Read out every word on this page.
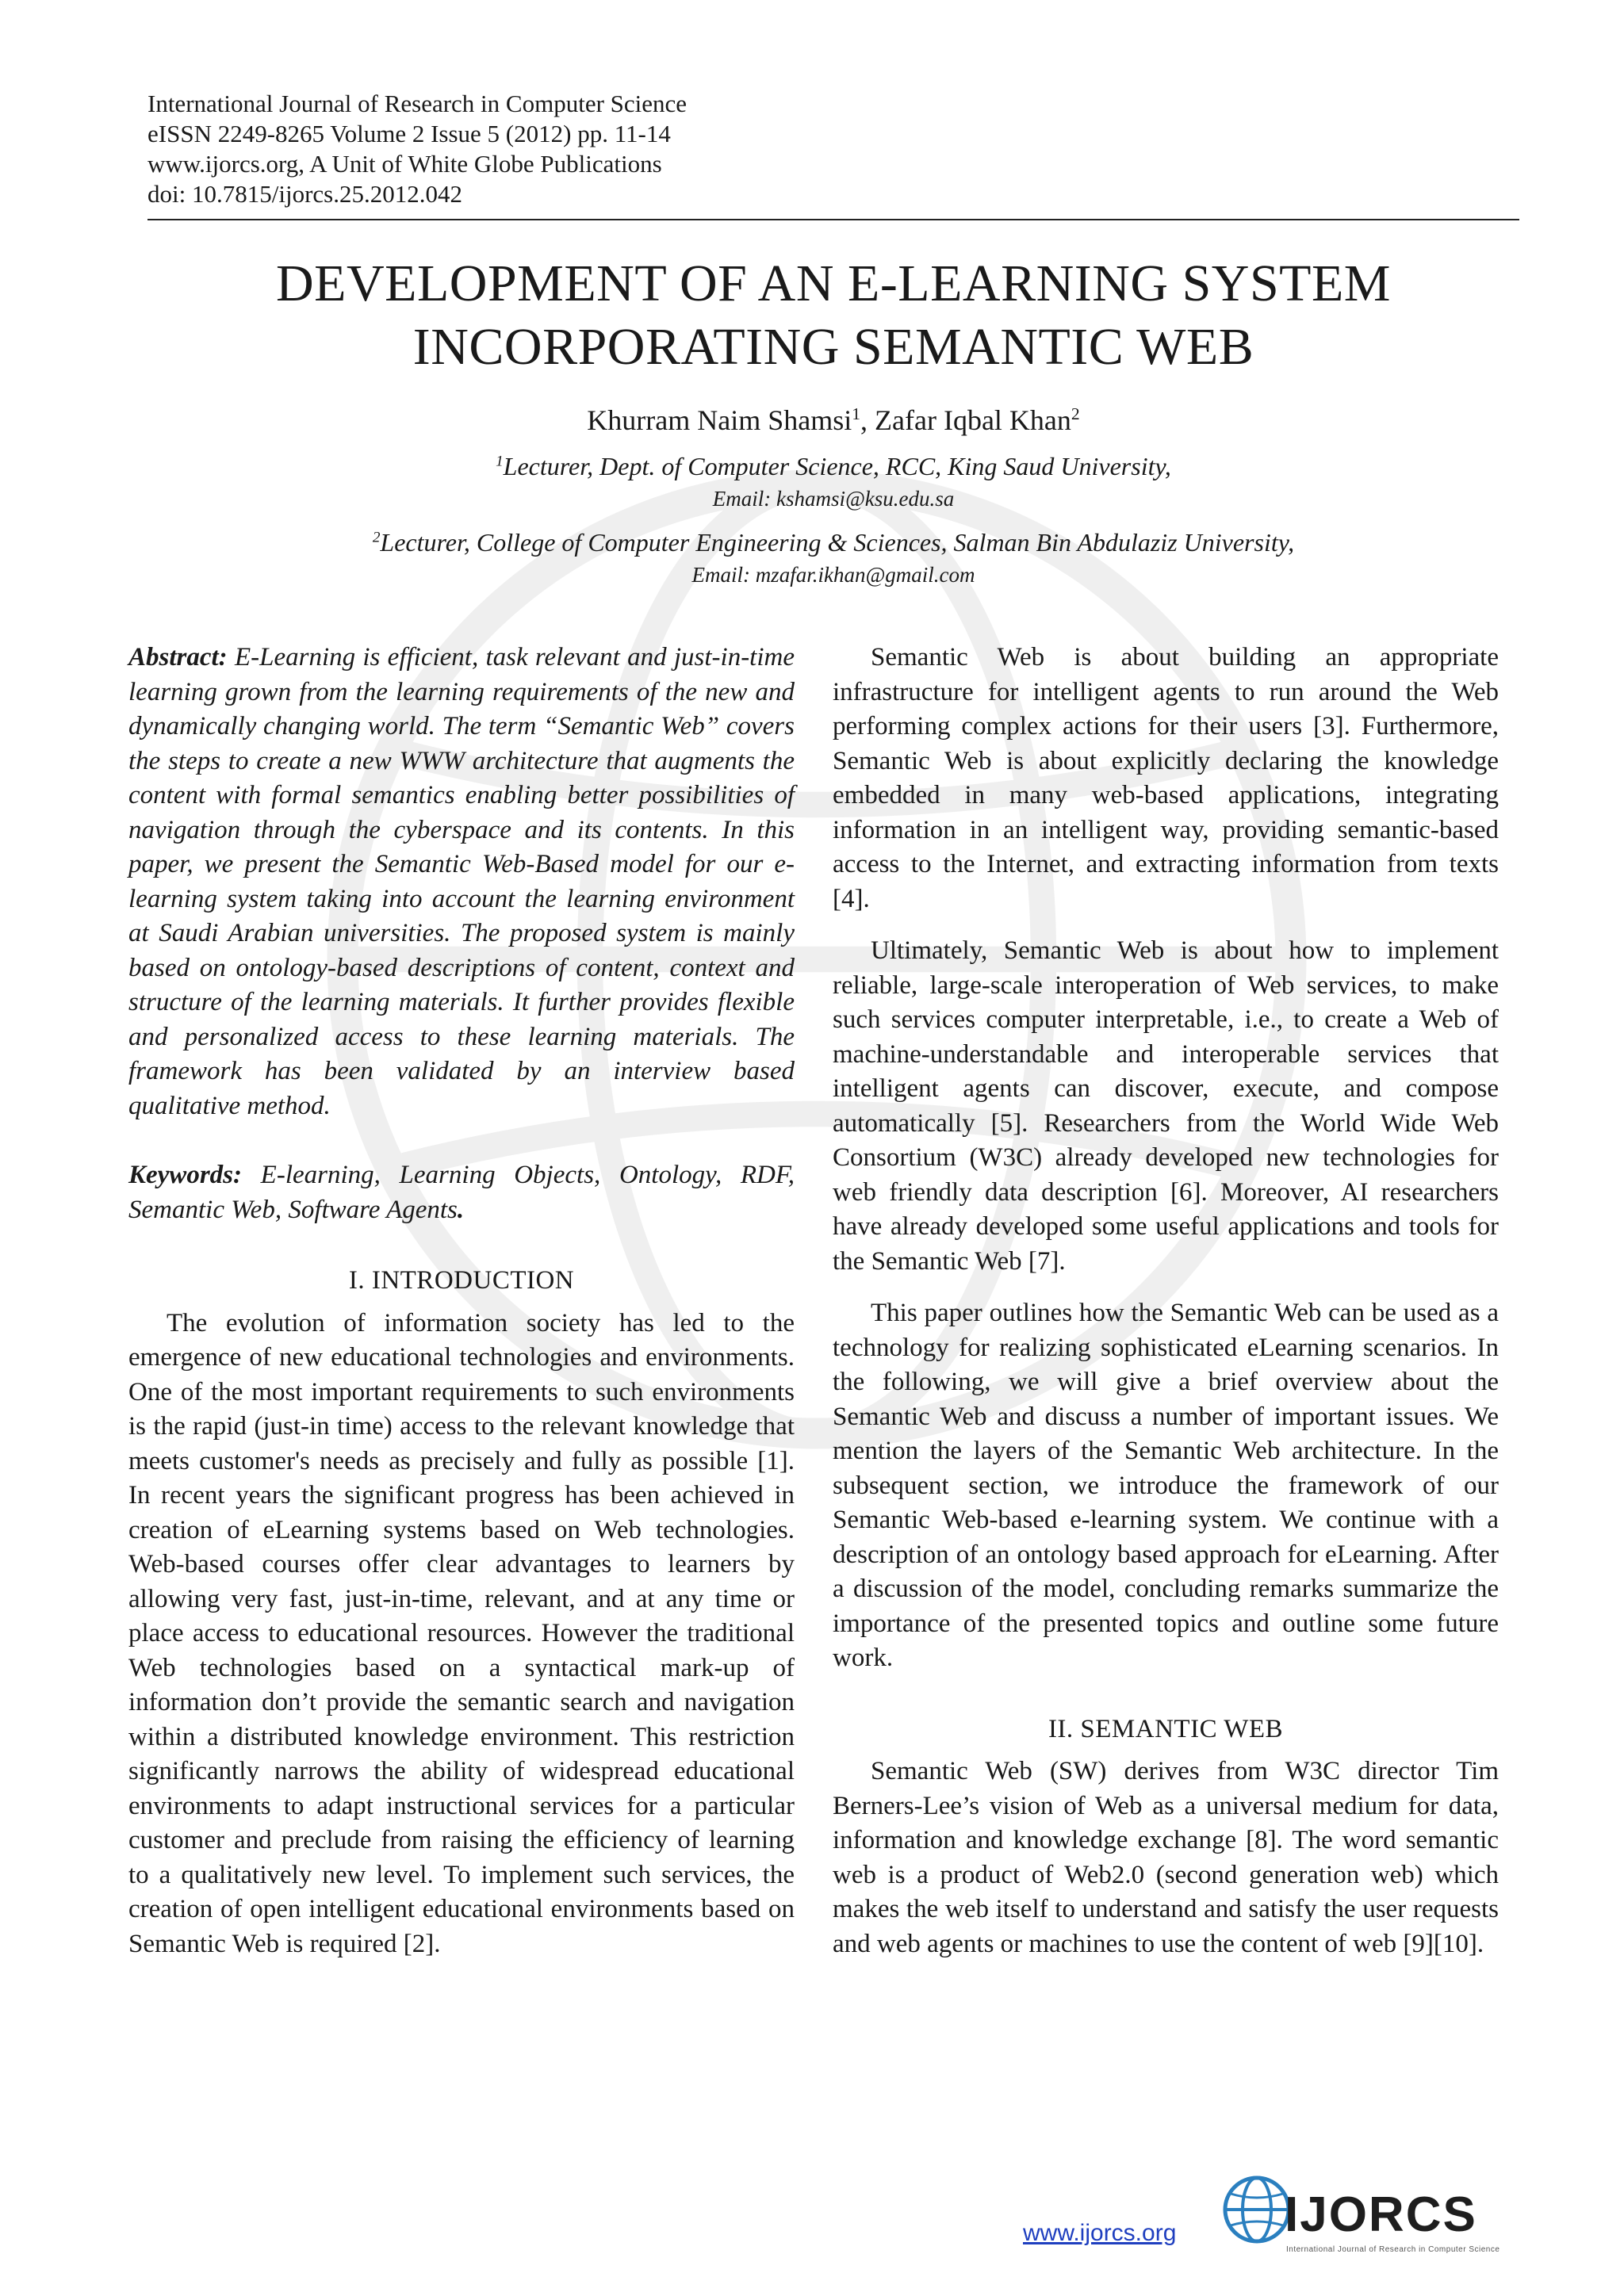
International Journal of Research in Computer Science
eISSN 2249-8265 Volume 2 Issue 5 (2012) pp. 11-14
www.ijorcs.org, A Unit of White Globe Publications
doi: 10.7815/ijorcs.25.2012.042
DEVELOPMENT OF AN E-LEARNING SYSTEM
INCORPORATING SEMANTIC WEB
Khurram Naim Shamsi$^1$, Zafar Iqbal Khan$^2$
$^1$Lecturer, Dept. of Computer Science, RCC, King Saud University,
Email: kshamsi@ksu.edu.sa
$^2$Lecturer, College of Computer Engineering & Sciences, Salman Bin Abdulaziz University,
Email: mzafar.ikhan@gmail.com

Abstract: E-Learning is efficient, task relevant and just-in-time learning grown from the learning requirements of the new and dynamically changing world. The term “Semantic Web” covers the steps to create a new WWW architecture that augments the content with formal semantics enabling better possibilities of navigation through the cyberspace and its contents. In this paper, we present the Semantic Web-Based model for our e-learning system taking into account the learning environment at Saudi Arabian universities. The proposed system is mainly based on ontology-based descriptions of content, context and structure of the learning materials. It further provides flexible and personalized access to these learning materials. The framework has been validated by an interview based qualitative method.

Keywords: E-learning, Learning Objects, Ontology, RDF, Semantic Web, Software Agents.

I. INTRODUCTION

The evolution of information society has led to the emergence of new educational technologies and environments. One of the most important requirements to such environments is the rapid (just-in time) access to the relevant knowledge that meets customer's needs as precisely and fully as possible [1]. In recent years the significant progress has been achieved in creation of eLearning systems based on Web technologies. Web-based courses offer clear advantages to learners by allowing very fast, just-in-time, relevant, and at any time or place access to educational resources. However the traditional Web technologies based on a syntactical mark-up of information don’t provide the semantic search and navigation within a distributed knowledge environment. This restriction significantly narrows the ability of widespread educational environments to adapt instructional services for a particular customer and preclude from raising the efficiency of learning to a qualitatively new level. To implement such services, the creation of open intelligent educational environments based on Semantic Web is required [2].

Semantic Web is about building an appropriate infrastructure for intelligent agents to run around the Web performing complex actions for their users [3]. Furthermore, Semantic Web is about explicitly declaring the knowledge embedded in many web-based applications, integrating information in an intelligent way, providing semantic-based access to the Internet, and extracting information from texts [4].

Ultimately, Semantic Web is about how to implement reliable, large-scale interoperation of Web services, to make such services computer interpretable, i.e., to create a Web of machine-understandable and interoperable services that intelligent agents can discover, execute, and compose automatically [5]. Researchers from the World Wide Web Consortium (W3C) already developed new technologies for web friendly data description [6]. Moreover, AI researchers have already developed some useful applications and tools for the Semantic Web [7].

This paper outlines how the Semantic Web can be used as a technology for realizing sophisticated eLearning scenarios. In the following, we will give a brief overview about the Semantic Web and discuss a number of important issues. We mention the layers of the Semantic Web architecture. In the subsequent section, we introduce the framework of our Semantic Web-based e-learning system. We continue with a description of an ontology based approach for eLearning. After a discussion of the model, concluding remarks summarize the importance of the presented topics and outline some future work.

II. SEMANTIC WEB

Semantic Web (SW) derives from W3C director Tim Berners-Lee’s vision of Web as a universal medium for data, information and knowledge exchange [8]. The word semantic web is a product of Web2.0 (second generation web) which makes the web itself to understand and satisfy the user requests and web agents or machines to use the content of web [9][10].

www.ijorcs.org IJORCS
International Journal of Research in Computer Science
